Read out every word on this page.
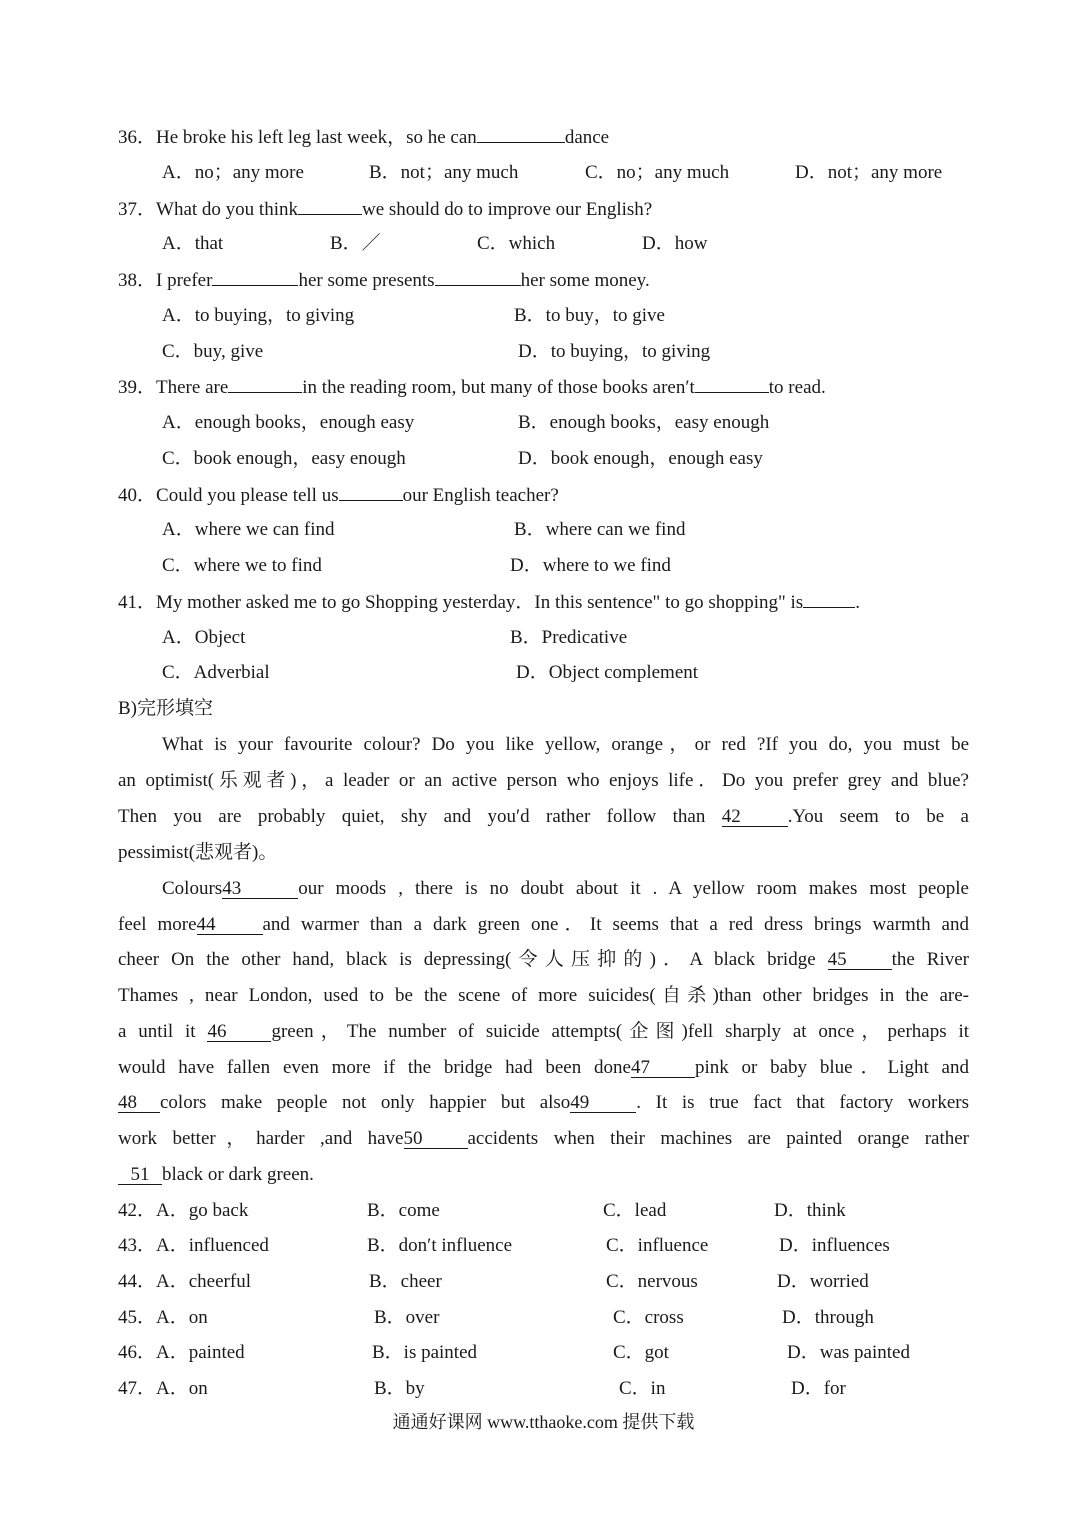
36．He broke his left leg last week，so he can	dance
A．no；any more	B．not；any much	C．no；any much	D．not；any more
37．What do you think	we should do to improve our English?
A．that	B．／	C．which	D．how
38．I prefer	her some presents	her some money.
A．to buying，to giving	B．to buy，to give
C．buy, give	D．to buying，to giving
39．There are	in the reading room, but many of those books aren′t	to read.
A．enough books，enough easy	B．enough books，easy enough
C．book enough，easy enough	D．book enough，enough easy
40．Could you please tell us	our English teacher?
A．where we can find	B．where can we find
C．where we to find	D．where to we find
41．My mother asked me to go Shopping yesterday．In this sentence" to go shopping" is	.
A．Object	B．Predicative
C．Adverbial	D．Object complement
B)完形填空
What is your favourite colour? Do you like yellow, orange，or red ?If you do, you must be
an optimist(乐观者)，a leader or an active person who enjoys life．Do you prefer grey and blue?
Then you are probably quiet, shy and you′d rather follow than 42 .You seem to be a
pessimist(悲观者)。
Colours43	our moods , there is no doubt about it . A yellow room makes most people
feel more44 and warmer than a dark green one．It seems that a red dress brings warmth and
cheer On the other hand, black is depressing(令人压抑的)．A black bridge 45 the River
Thames , near London, used to be the scene of more suicides(自杀)than other bridges in the are-
a until it 46 green，The number of suicide attempts(企图)fell sharply at once，perhaps it
would have fallen even more if the bridge had been done47 pink or baby blue．Light and
48 colors make people not only happier but also49 . It is true fact that factory workers
work better，harder ,and have50 accidents when their machines are painted orange rather
51 black or dark green.
42．A．go back	B．come	C．lead	D．think
43．A．influenced	B．don′t influence	C．influence	D．influences
44．A．cheerful	B．cheer	C．nervous	D．worried
45．A．on	B．over	C．cross	D．through
46．A．painted	B．is painted	C．got	D．was painted
47．A．on	B．by	C．in	D．for
通通好课网 www.tthaoke.com 提供下载
